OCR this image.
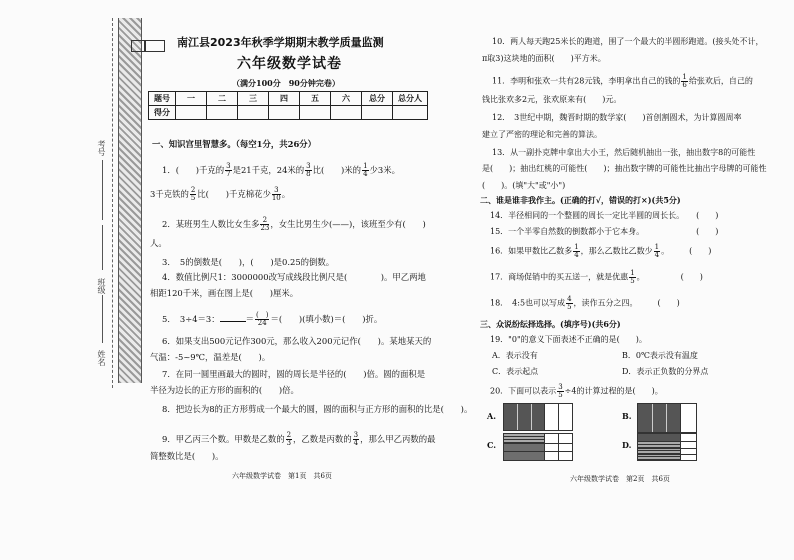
考号
班级
姓名
南江县2023年秋季学期期末教学质量监测
六年级数学试卷
（满分100分　90分钟完卷）
题号	一	二	三	四	五	六	总分	总分人
得分								
一、知识宫里智慧多。（每空1分，共26分）
1．(　　)千克的 $\frac{3}{7}$ 是21千克，24米的 $\frac{3}{8}$ 比(　　)米的 $\frac{1}{4}$ 少3米。
3千克铁的 $\frac{2}{5}$ 比(　　)千克棉花少 $\frac{3}{10}$ 。
2．某班男生人数比女生多 $\frac{2}{23}$ ，女生比男生少(——)，该班至少有(　　)
人。
3．　5的倒数是(　　)，(　　)是0.25的倒数。
4．数值比例尺1：3000000改写成线段比例尺是(　　　　)。甲乙两地
相距120千米，画在图上是(　　)厘米。
5．　3÷4＝3：	＝ $\frac{( )}{24}$ ＝(　　)(填小数)＝(　　)折。
6．如果支出500元记作300元，那么收入200元记作(　　)。某地某天的
气温：-5~9℃，温差是(　　)。
7．在同一圆里画最大的圆时，圆的周长是半径的(　　)倍。圆的面积是
半径为边长的正方形的面积的(　　)倍。
8．把边长为8的正方形剪成一个最大的圆，圆的面积与正方形的面积的比是(　　)。
9．甲乙丙三个数。甲数是乙数的 $\frac{2}{3}$ ，乙数是丙数的 $\frac{3}{4}$ ，那么甲乙丙数的最
简整数比是(　　)。
六年级数学试卷　第1页　共6页
10．两人每天跑25米长的跑道，围了一个最大的半圆形跑道。(接头处不计，
π取3)这块地的面积(　　)平方米。
11．李明和张欢一共有28元钱，李明拿出自己的钱的 $\frac{1}{6}$ 给张欢后，自己的
钱比张欢多2元，张欢原来有(　　)元。
12．　3世纪中期，魏晋时期的数学家(　　)首创割圆术，为计算圆周率
建立了严密的理论和完善的算法。
13．从一副扑克牌中拿出大小王，然后随机抽出一张，抽出数字8的可能性
是(　　)；抽出红桃的可能性(　　)；抽出数字牌的可能性比抽出字母牌的可能性
(　　)。(填"大"或"小")
二、谁是谁非我作主。(正确的打√，错误的打×)(共5分)
14．半径相同的一个整圆的周长一定比半圆的周长长。　　(　　)
15．一个半零自然数的倒数都小于它本身。　　　　　　　(　　)
16．如果甲数比乙数多 $\frac{1}{4}$ ，那么乙数比乙数少 $\frac{1}{4}$ 。　　　(　　)
17．商场促销中的买五送一，就是优惠 $\frac{1}{5}$ 。　　　　　(　　)
18．　4:5也可以写成 $\frac{4}{5}$ ，读作五分之四。　　　(　　)
三、众说纷纭择选择。(填序号)(共6分)
19．"0"的意义下面表述不正确的是(　　)。
A．表示没有	B．0℃表示没有温度
C．表示起点	D．表示正负数的分界点
20．下面可以表示 $\frac{3}{5} \div 4$的计算过程的是(　　)。
A.	B.
C.	D.
六年级数学试卷　第2页　共6页
